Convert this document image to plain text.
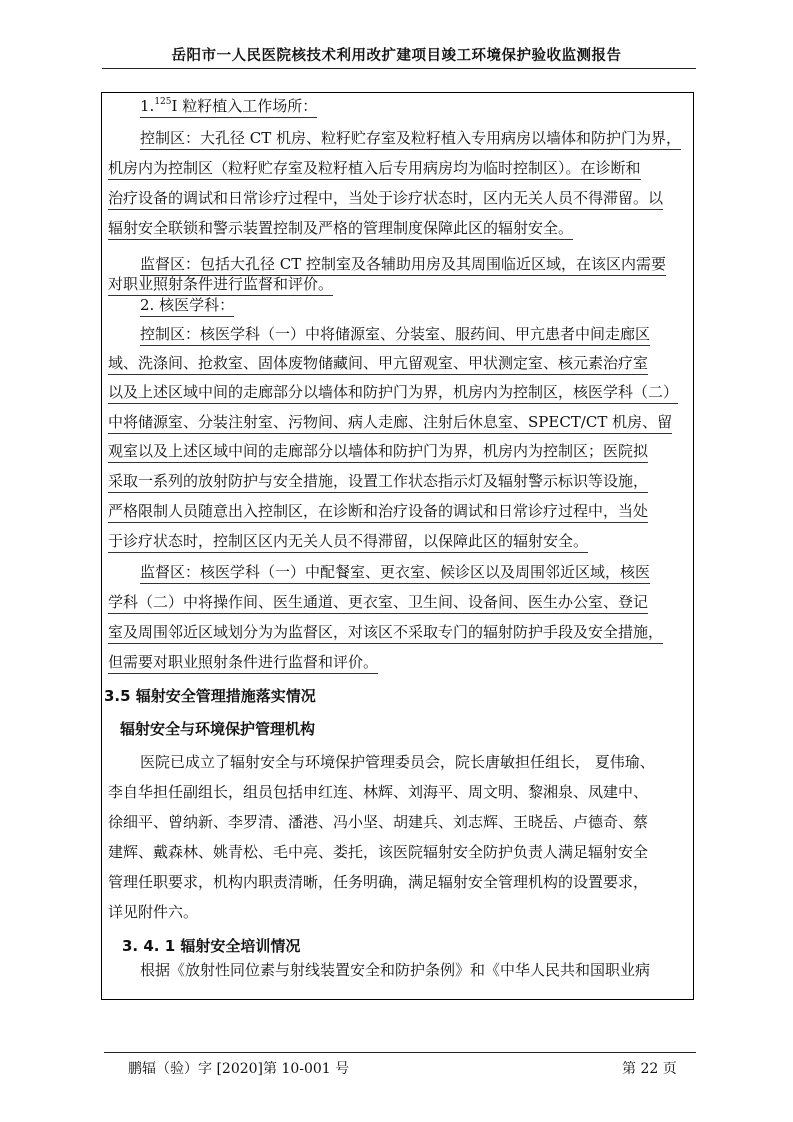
岳阳市一人民医院核技术利用改扩建项目竣工环境保护验收监测报告
1.$^{125}$I 粒籽植入工作场所：
控制区：大孔径 CT 机房、粒籽贮存室及粒籽植入专用病房以墙体和防护门为界，
机房内为控制区（粒籽贮存室及粒籽植入后专用病房均为临时控制区）。在诊断和
治疗设备的调试和日常诊疗过程中，当处于诊疗状态时，区内无关人员不得滞留。以
辐射安全联锁和警示装置控制及严格的管理制度保障此区的辐射安全。
监督区：包括大孔径 CT 控制室及各辅助用房及其周围临近区域，在该区内需要
对职业照射条件进行监督和评价。
2. 核医学科：
控制区：核医学科（一）中将储源室、分装室、服药间、甲亢患者中间走廊区
域、洗涤间、抢救室、固体废物储藏间、甲亢留观室、甲状测定室、核元素治疗室
以及上述区域中间的走廊部分以墙体和防护门为界，机房内为控制区，核医学科（二）
中将储源室、分装注射室、污物间、病人走廊、注射后休息室、SPECT/CT 机房、留
观室以及上述区域中间的走廊部分以墙体和防护门为界，机房内为控制区；医院拟
采取一系列的放射防护与安全措施，设置工作状态指示灯及辐射警示标识等设施，
严格限制人员随意出入控制区，在诊断和治疗设备的调试和日常诊疗过程中，当处
于诊疗状态时，控制区区内无关人员不得滞留，以保障此区的辐射安全。
监督区：核医学科（一）中配餐室、更衣室、候诊区以及周围邻近区域，核医
学科（二）中将操作间、医生通道、更衣室、卫生间、设备间、医生办公室、登记
室及周围邻近区域划分为为监督区，对该区不采取专门的辐射防护手段及安全措施，
但需要对职业照射条件进行监督和评价。
3.5 辐射安全管理措施落实情况
辐射安全与环境保护管理机构
医院已成立了辐射安全与环境保护管理委员会，院长唐敏担任组长， 夏伟瑜、
李自华担任副组长，组员包括申红连、林辉、刘海平、周文明、黎湘泉、凤建中、
徐细平、曾纳新、李罗清、潘港、冯小坚、胡建兵、刘志辉、王晓岳、卢德奇、蔡
建辉、戴森林、姚青松、毛中亮、娄托，该医院辐射安全防护负责人满足辐射安全
管理任职要求，机构内职责清晰，任务明确，满足辐射安全管理机构的设置要求，
详见附件六。
3. 4. 1 辐射安全培训情况
根据《放射性同位素与射线装置安全和防护条例》和《中华人民共和国职业病
鹏辐（验）字 [2020]第 10-001 号	第 22 页
